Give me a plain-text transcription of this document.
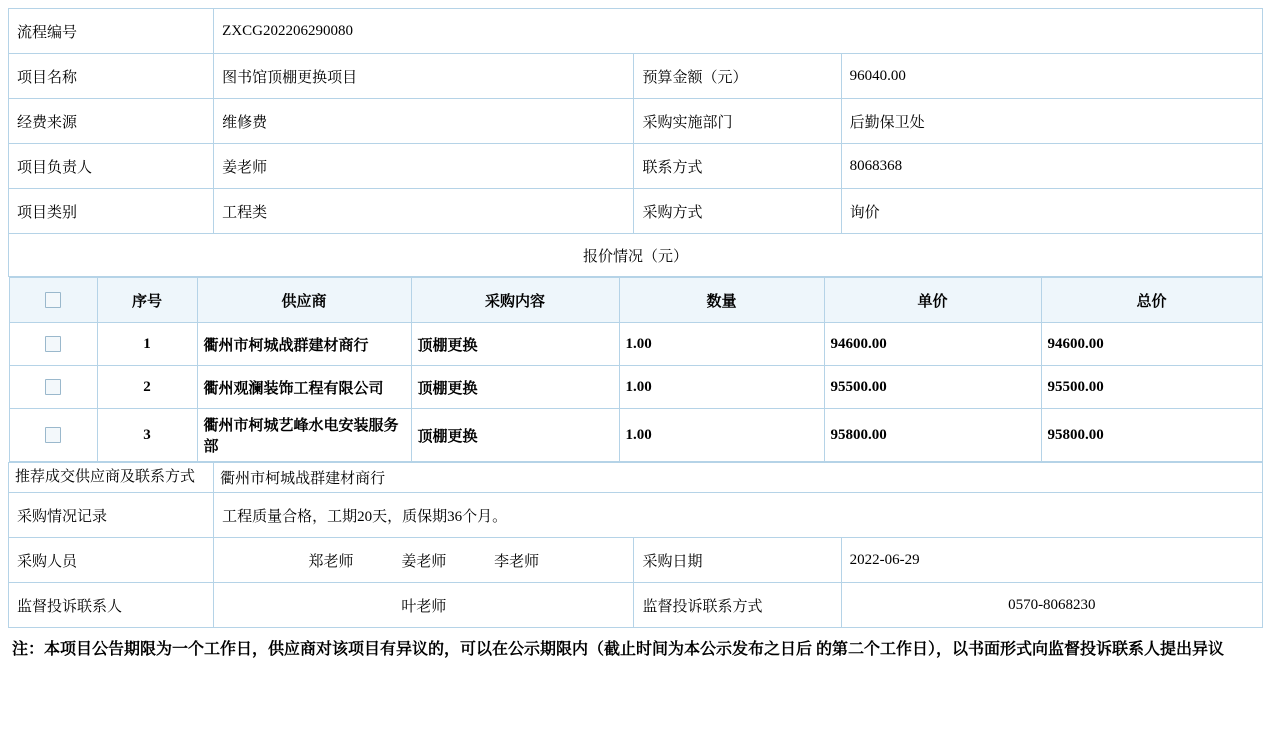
流程编号	ZXCG202206290080
项目名称	图书馆顶棚更换项目	预算金额（元）	96040.00
经费来源	维修费	采购实施部门	后勤保卫处
项目负责人	姜老师	联系方式	8068368
项目类别	工程类	采购方式	询价
报价情况（元）

	序号	供应商	采购内容	数量	单价	总价
	1	衢州市柯城战群建材商行	顶棚更换	1.00	94600.00	94600.00
	2	衢州观澜装饰工程有限公司	顶棚更换	1.00	95500.00	95500.00
	3	衢州市柯城艺峰水电安装服务部	顶棚更换	1.00	95800.00	95800.00

推荐成交供应商及联系方式	衢州市柯城战群建材商行
采购情况记录	工程质量合格，工期20天，质保期36个月。
采购人员	郑老师	姜老师	李老师	采购日期	2022-06-29
监督投诉联系人	叶老师	监督投诉联系方式	0570-8068230
注：本项目公告期限为一个工作日，供应商对该项目有异议的，可以在公示期限内（截止时间为本公示发布之日后 的第二个工作日），以书面形式向监督投诉联系人提出异议
